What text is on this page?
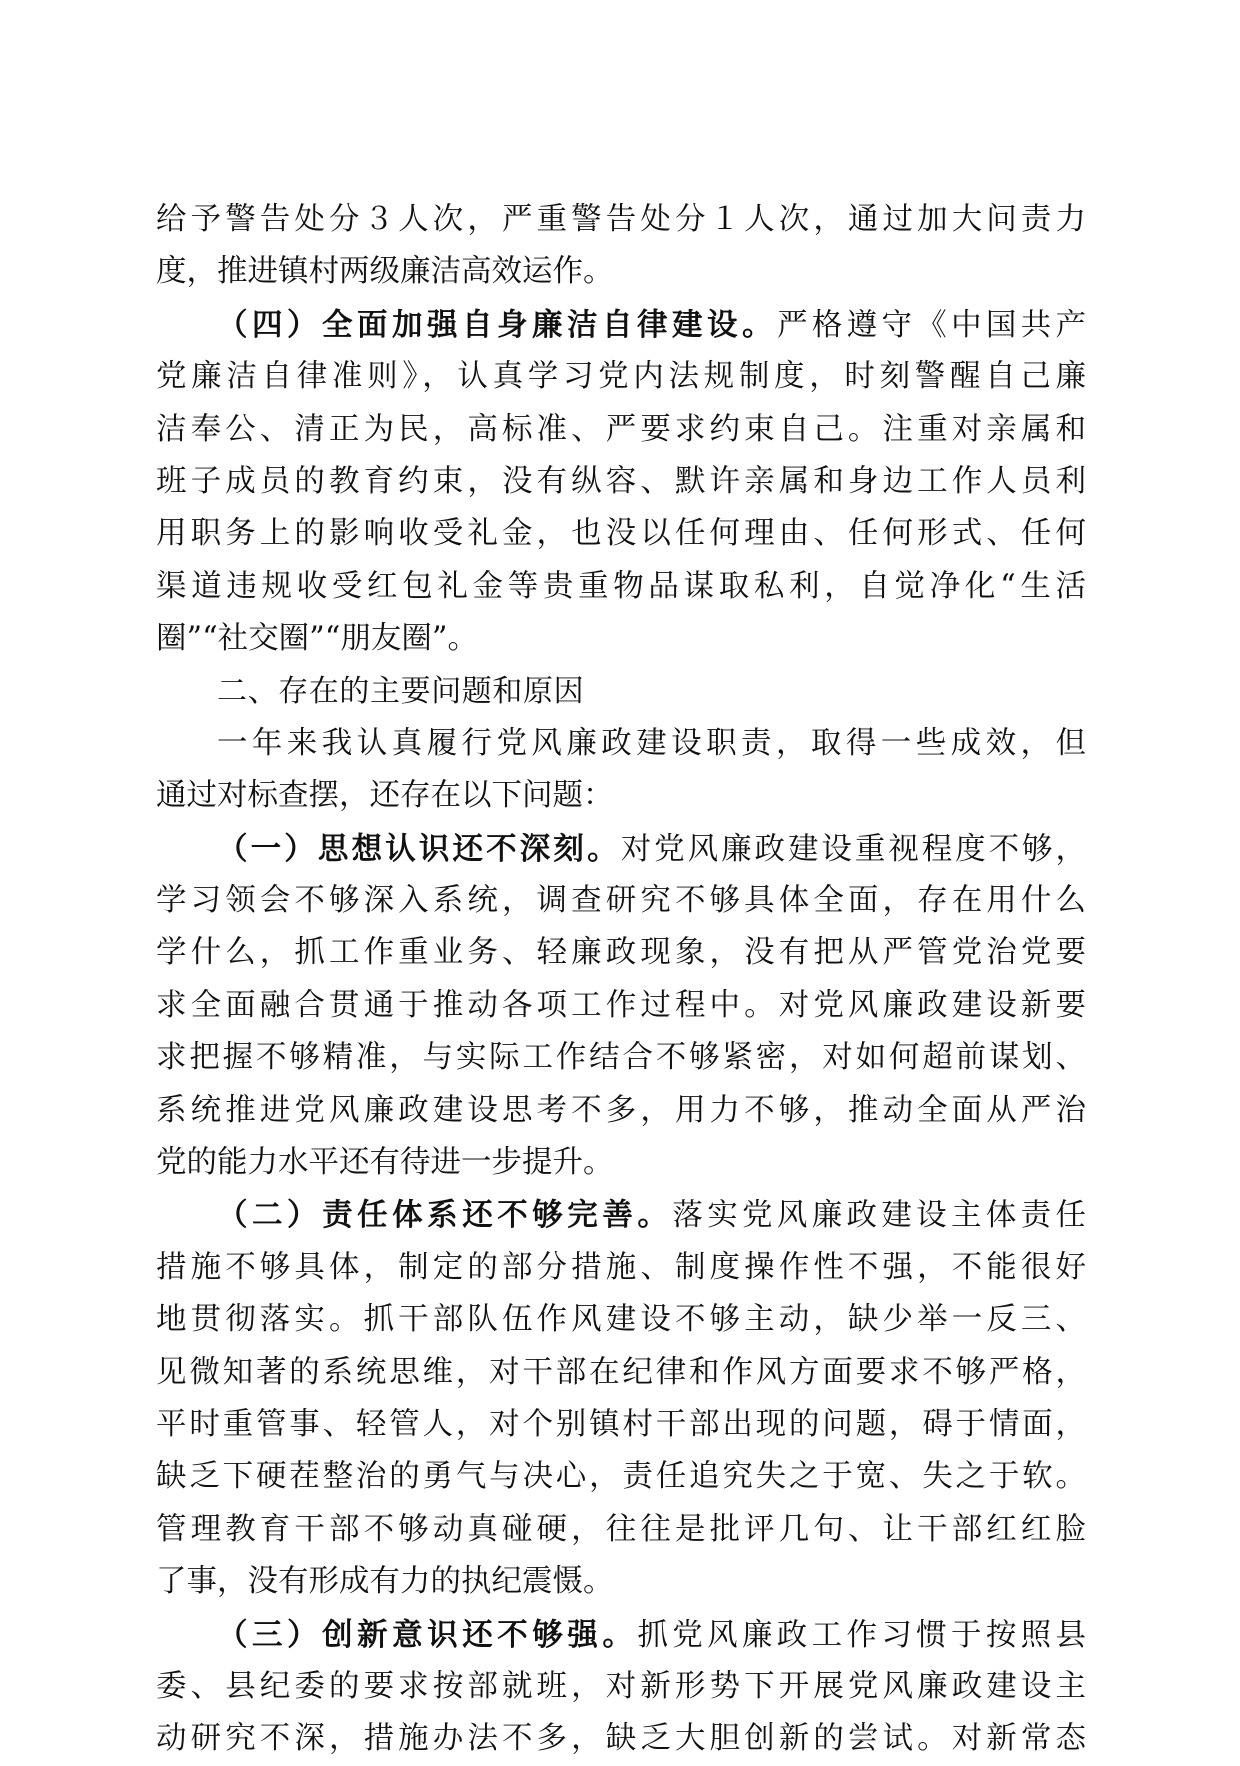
给予警告处分３人次，严重警告处分１人次，通过加大问责力
度，推进镇村两级廉洁高效运作。
（四）全面加强自身廉洁自律建设。严格遵守《中国共产
党廉洁自律准则》，认真学习党内法规制度，时刻警醒自己廉
洁奉公、清正为民，高标准、严要求约束自己。注重对亲属和
班子成员的教育约束，没有纵容、默许亲属和身边工作人员利
用职务上的影响收受礼金，也没以任何理由、任何形式、任何
渠道违规收受红包礼金等贵重物品谋取私利，自觉净化“生活
圈”“社交圈”“朋友圈”。
二、存在的主要问题和原因
一年来我认真履行党风廉政建设职责，取得一些成效，但
通过对标查摆，还存在以下问题：
（一）思想认识还不深刻。对党风廉政建设重视程度不够，
学习领会不够深入系统，调查研究不够具体全面，存在用什么
学什么，抓工作重业务、轻廉政现象，没有把从严管党治党要
求全面融合贯通于推动各项工作过程中。对党风廉政建设新要
求把握不够精准，与实际工作结合不够紧密，对如何超前谋划、
系统推进党风廉政建设思考不多，用力不够，推动全面从严治
党的能力水平还有待进一步提升。
（二）责任体系还不够完善。落实党风廉政建设主体责任
措施不够具体，制定的部分措施、制度操作性不强，不能很好
地贯彻落实。抓干部队伍作风建设不够主动，缺少举一反三、
见微知著的系统思维，对干部在纪律和作风方面要求不够严格，
平时重管事、轻管人，对个别镇村干部出现的问题，碍于情面，
缺乏下硬茬整治的勇气与决心，责任追究失之于宽、失之于软。
管理教育干部不够动真碰硬，往往是批评几句、让干部红红脸
了事，没有形成有力的执纪震慑。
（三）创新意识还不够强。抓党风廉政工作习惯于按照县
委、县纪委的要求按部就班，对新形势下开展党风廉政建设主
动研究不深，措施办法不多，缺乏大胆创新的尝试。对新常态
